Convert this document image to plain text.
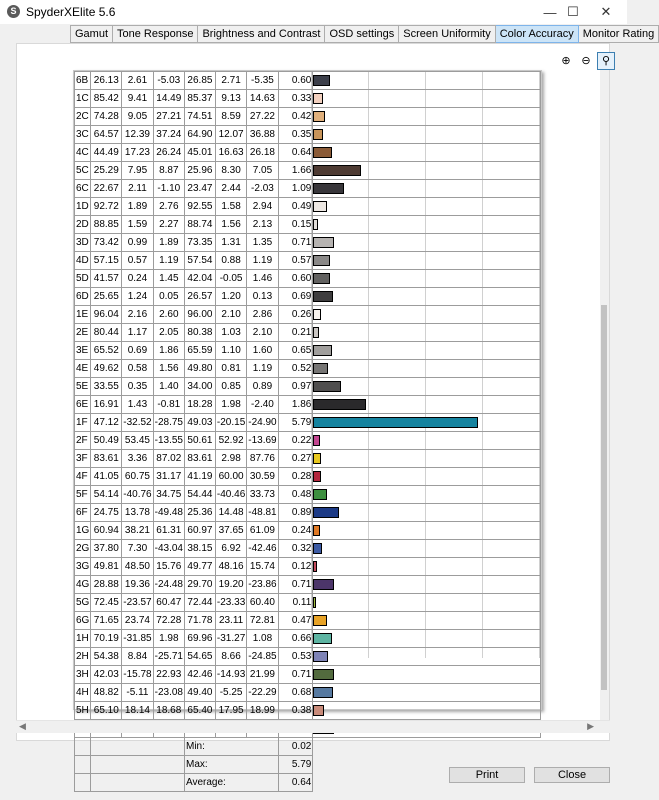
S SpyderXElite 5.6	— ☐	✕
Gamut Tone Response Brightness and Contrast OSD settings Screen Uniformity Color Accuracy Monitor Rating
⊕ ⊖	⚲
6B	26.13	2.61	-5.03	26.85	2.71	-5.35	0.60	

1C	85.42	9.41	14.49	85.37	9.13	14.63	0.33	

2C	74.28	9.05	27.21	74.51	8.59	27.22	0.42	

3C	64.57	12.39	37.24	64.90	12.07	36.88	0.35	

4C	44.49	17.23	26.24	45.01	16.63	26.18	0.64	

5C	25.29	7.95	8.87	25.96	8.30	7.05	1.66	

6C	22.67	2.11	-1.10	23.47	2.44	-2.03	1.09	

1D	92.72	1.89	2.76	92.55	1.58	2.94	0.49	

2D	88.85	1.59	2.27	88.74	1.56	2.13	0.15	

3D	73.42	0.99	1.89	73.35	1.31	1.35	0.71	

4D	57.15	0.57	1.19	57.54	0.88	1.19	0.57	

5D	41.57	0.24	1.45	42.04	-0.05	1.46	0.60	

6D	25.65	1.24	0.05	26.57	1.20	0.13	0.69	

1E	96.04	2.16	2.60	96.00	2.10	2.86	0.26	

2E	80.44	1.17	2.05	80.38	1.03	2.10	0.21	

3E	65.52	0.69	1.86	65.59	1.10	1.60	0.65	

4E	49.62	0.58	1.56	49.80	0.81	1.19	0.52	

5E	33.55	0.35	1.40	34.00	0.85	0.89	0.97	

6E	16.91	1.43	-0.81	18.28	1.98	-2.40	1.86	

1F	47.12	-32.52	-28.75	49.03	-20.15	-24.90	5.79	

2F	50.49	53.45	-13.55	50.61	52.92	-13.69	0.22	

3F	83.61	3.36	87.02	83.61	2.98	87.76	0.27	

4F	41.05	60.75	31.17	41.19	60.00	30.59	0.28	

5F	54.14	-40.76	34.75	54.44	-40.46	33.73	0.48	

6F	24.75	13.78	-49.48	25.36	14.48	-48.81	0.89	

1G	60.94	38.21	61.31	60.97	37.65	61.09	0.24	

2G	37.80	7.30	-43.04	38.15	6.92	-42.46	0.32	

3G	49.81	48.50	15.76	49.77	48.16	15.74	0.12	

4G	28.88	19.36	-24.48	29.70	19.20	-23.86	0.71	

5G	72.45	-23.57	60.47	72.44	-23.33	60.40	0.11	

6G	71.65	23.74	72.28	71.78	23.11	72.81	0.47	

1H	70.19	-31.85	1.98	69.96	-31.27	1.08	0.66	

2H	54.38	8.84	-25.71	54.65	8.66	-24.85	0.53	

3H	42.03	-15.78	22.93	42.46	-14.93	21.99	0.71	

4H	48.82	-5.11	-23.08	49.40	-5.25	-22.29	0.68	

5H	65.10	18.14	18.68	65.40	17.95	18.99	0.38	

				Min:			0.02	
				Max:			5.79	
				Average:			0.64	
◀	▶
Print	Close
